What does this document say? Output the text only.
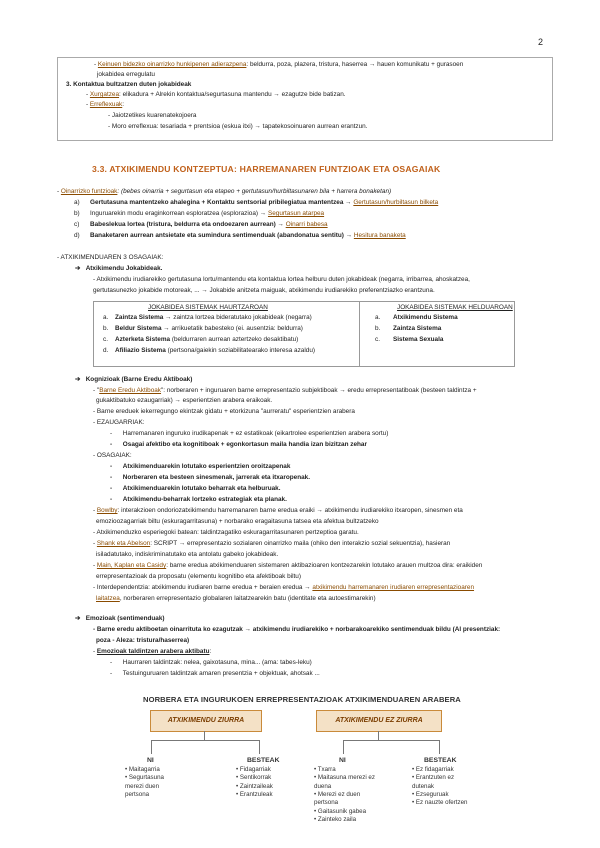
2
- Keinuen bidezko oinarrizko hunkipenen adierazpena: beldurra, poza, plazera, tristura, haserrea → hauen komunikatu + gurasoen
jokabidea erregulatu
3. Kontaktua bultzatzen duten jokabideak
- Xurgatzea: elikadura + Alrekin kontaktua/segurtasuna mantendu → ezagutze bide batizan.
- Erreflexuak:
- Jaiotzetikes kuarenatekojoera
- Moro erreflexua: tesariada + prentsioa (eskua itxi) → tapatekosoinuaren aurrean erantzun.
3.3. ATXIKIMENDU KONTZEPTUA: HARREMANAREN FUNTZIOAK ETA OSAGAIAK
- Oinarrizko funtzioak: (bebes oinarria + segurtasun eta etapeo + gertutasun/hurbiltasunaren bila + harrera bonaketan)
a) Gertutasuna mantentzeko ahalegina + Kontaktu sentsorial pribilegiatua mantentzea → Gertutasun/hurbiltasun bilketa
b) Inguruarekin modu eraginkorrean esploratzea (esplorazioa) → Segurtasun atarpea
c) Babeslekua lortea (tristura, beldurra eta ondoezaren aurrean) → Oinarri babesa
d) Banaketaren aurrean antsietate eta sumindura sentimenduak (abandonatua sentitu) → Hesitura banaketa
- ATXIKIMENDUAREN 3 OSAGAIAK:
➔ Atxikimendu Jokabideak.
- Atxikimendu irudiarekiko gertutasuna lortu/mantendu eta kontaktua lortea helburu duten jokabideak (negarra, irribarrea, ahoskatzea,
gertutasunezko jokabide motoreak, ... → Jokabide anitzeta maiguak, atxikimendu irudiarekiko preferentziazko erantzuna.
JOKABIDEA SISTEMAK HAURTZAROAN	JOKABIDEA SISTEMAK HELDUAROAN
a. Zaintza Sistema → zaintza lortzea bideratutako jokabideak (negarra)
b. Beldur Sistema → arrikuetatik babesteko (ei. ausentzia: beldurra)
c. Azterketa Sistema (beldurraren aurrean aztertzeko desaktibatu)
d. Afiliazio Sistema (pertsona/gaiekin soziabilitatearako interesa azaldu)
a. Atxikimendu Sistema
b. Zaintza Sistema
c. Sistema Sexuala
➔ Kognizioak (Barne Eredu Aktiboak)
- "Barne Eredu Aktiboak": norberaren + inguruaren barne errepresentazio subjektiboak → eredu errepresentatiboak (besteen taldintza +
gukaktibatuko ezaugarriak) → esperientzien arabera eraikoak.
- Barne ereduek iekerregungo ekintzak gidatu + etorkizuna "aurreratu" esperientzien arabera
- EZAUGARRIAK:
-      Harremanaren inguruko irudikapenak + ez estatikoak (eikartrolee esperientzien arabera sortu)
-      Osagai afektibo eta kognitiboak + egonkortasun maila handia izan bizitzan zehar
- OSAGAIAK:
-      Atxikimenduarekin lotutako esperientzien oroitzapenak
-      Norberaren eta besteen sinesmenak, jarrerak eta itxaropenak.
-      Atxikimenduarekin lotutako beharrak eta helburuak.
-      Atxikimendu-beharrak lortzeko estrategiak eta planak.
- Bowlby: interakzioen ondoriozatxikimendu harremanaren barne eredua eraiki → atxikimendu irudiarekiko itxaropen, sinesmen eta
emozioozagarriak biltu (eskuragarritasuna) + norbarako eragaitasuna tatsea eta afektua bultzatzeko
- Atxikimenduzko esperiegoki batean: taldintzagatiko eskuragarritasunaren pertzeptioa garatu.
- Shank eta Abelson: SCRIPT → errepresentazio sozialaren oinarrizko maila (ohiko den interakzio sozial sekuentzia), hasieran
isiladatutako, indiskriminatutako eta antolatu gabeko jokabideak.
- Main, Kaplan eta Casidy: barne eredua atxikimenduaren sistemaren aktibazioaren kontzezarekin lotutako arauen multzoa dira: eraikiden
errepresentazioak da proposatu (elementu kognitibo eta afektiboak biltu)
- Interdependentzia: atxikimendu irudiaren barne eredua + beraien eredua → atxikimendu harremanaren irudiaren errepresentazioaren
laitatzea, norberaren errepresentazio globalaren laitatzearekin batu (identitate eta autoestimarekin)
➔ Emozioak (sentimenduak)
- Barne eredu aktiboetan oinarrituta ko ezagutzak → atxikimendu irudiarekiko + norbarakoarekiko sentimenduak bildu (Al presentziak:
poza - Aleza: tristura/haserrea)
- Emozioak taldintzen arabera aktibatu:
-      Haurraren taldintzak: nelea, gaixotasuna, mina... (ama: tabes-leku)
-      Testuinguruaren taldintzak amaren presentzia + objektuak, ahotsak ...
NORBERA ETA INGURUKOEN ERREPRESENTAZIOAK ATXIKIMENDUAREN ARABERA
ATXIKIMENDU ZIURRA	ATXIKIMENDU EZ ZIURRA
NI	BESTEAK	NI	BESTEAK
• Maitagarria
• Segurtasuna
merezi duen
pertsona
• Fidagarriak
• Sentikorrak
• Zaintzaileak
• Erantzuleak
• Txarra
• Maitasuna merezi ez
duena
• Merezi ez duen
pertsona
• Gaitasunik gabea
• Zainteko zaila
• Ez fidagarriak
• Erantzuten ez
dutenak
• Ezseguruak
• Ez nauzte ofertzen
